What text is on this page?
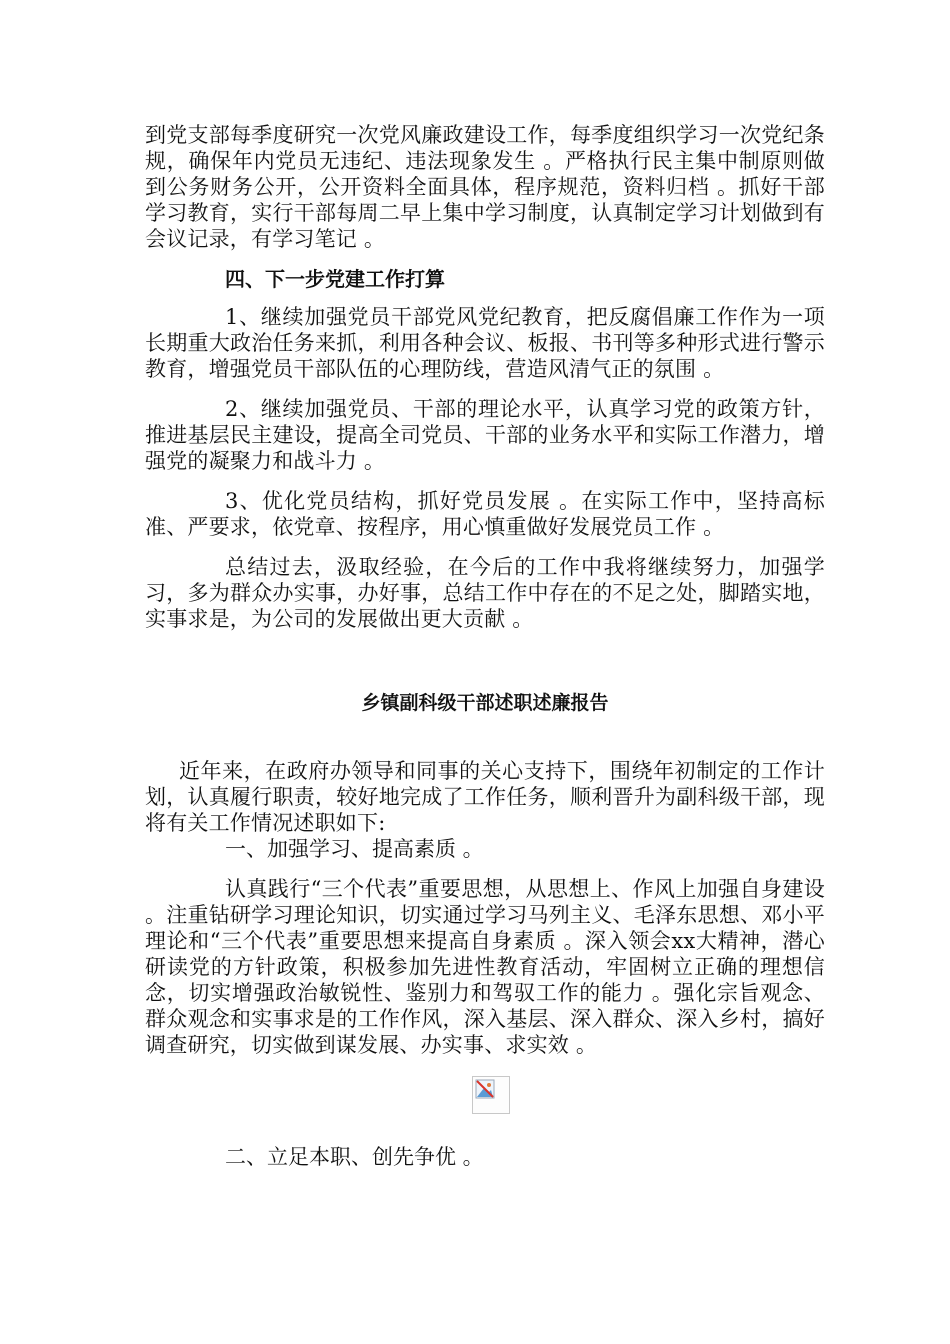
到党支部每季度研究一次党风廉政建设工作，每季度组织学习一次党纪条规，确保年内党员无违纪、违法现象发生 。严格执行民主集中制原则做到公务财务公开，公开资料全面具体，程序规范，资料归档 。抓好干部学习教育，实行干部每周二早上集中学习制度，认真制定学习计划做到有会议记录，有学习笔记 。

四、下一步党建工作打算

1、继续加强党员干部党风党纪教育，把反腐倡廉工作作为一项长期重大政治任务来抓，利用各种会议、板报、书刊等多种形式进行警示教育，增强党员干部队伍的心理防线，营造风清气正的氛围 。

2、继续加强党员、干部的理论水平，认真学习党的政策方针，推进基层民主建设，提高全司党员、干部的业务水平和实际工作潜力，增强党的凝聚力和战斗力 。

3、优化党员结构，抓好党员发展 。在实际工作中，坚持高标准、严要求，依党章、按程序，用心慎重做好发展党员工作 。

总结过去，汲取经验，在今后的工作中我将继续努力，加强学习，多为群众办实事，办好事，总结工作中存在的不足之处，脚踏实地，实事求是，为公司的发展做出更大贡献 。

乡镇副科级干部述职述廉报告

近年来，在政府办领导和同事的关心支持下，围绕年初制定的工作计划，认真履行职责，较好地完成了工作任务，顺利晋升为副科级干部，现将有关工作情况述职如下:

一、加强学习、提高素质 。

认真践行“三个代表”重要思想，从思想上、作风上加强自身建设 。注重钻研学习理论知识，切实通过学习马列主义、毛泽东思想、邓小平理论和“三个代表”重要思想来提高自身素质 。深入领会xx大精神，潜心研读党的方针政策，积极参加先进性教育活动，牢固树立正确的理想信念，切实增强政治敏锐性、鉴别力和驾驭工作的能力 。强化宗旨观念、群众观念和实事求是的工作作风，深入基层、深入群众、深入乡村，搞好调查研究，切实做到谋发展、办实事、求实效 。

二、立足本职、创先争优 。
